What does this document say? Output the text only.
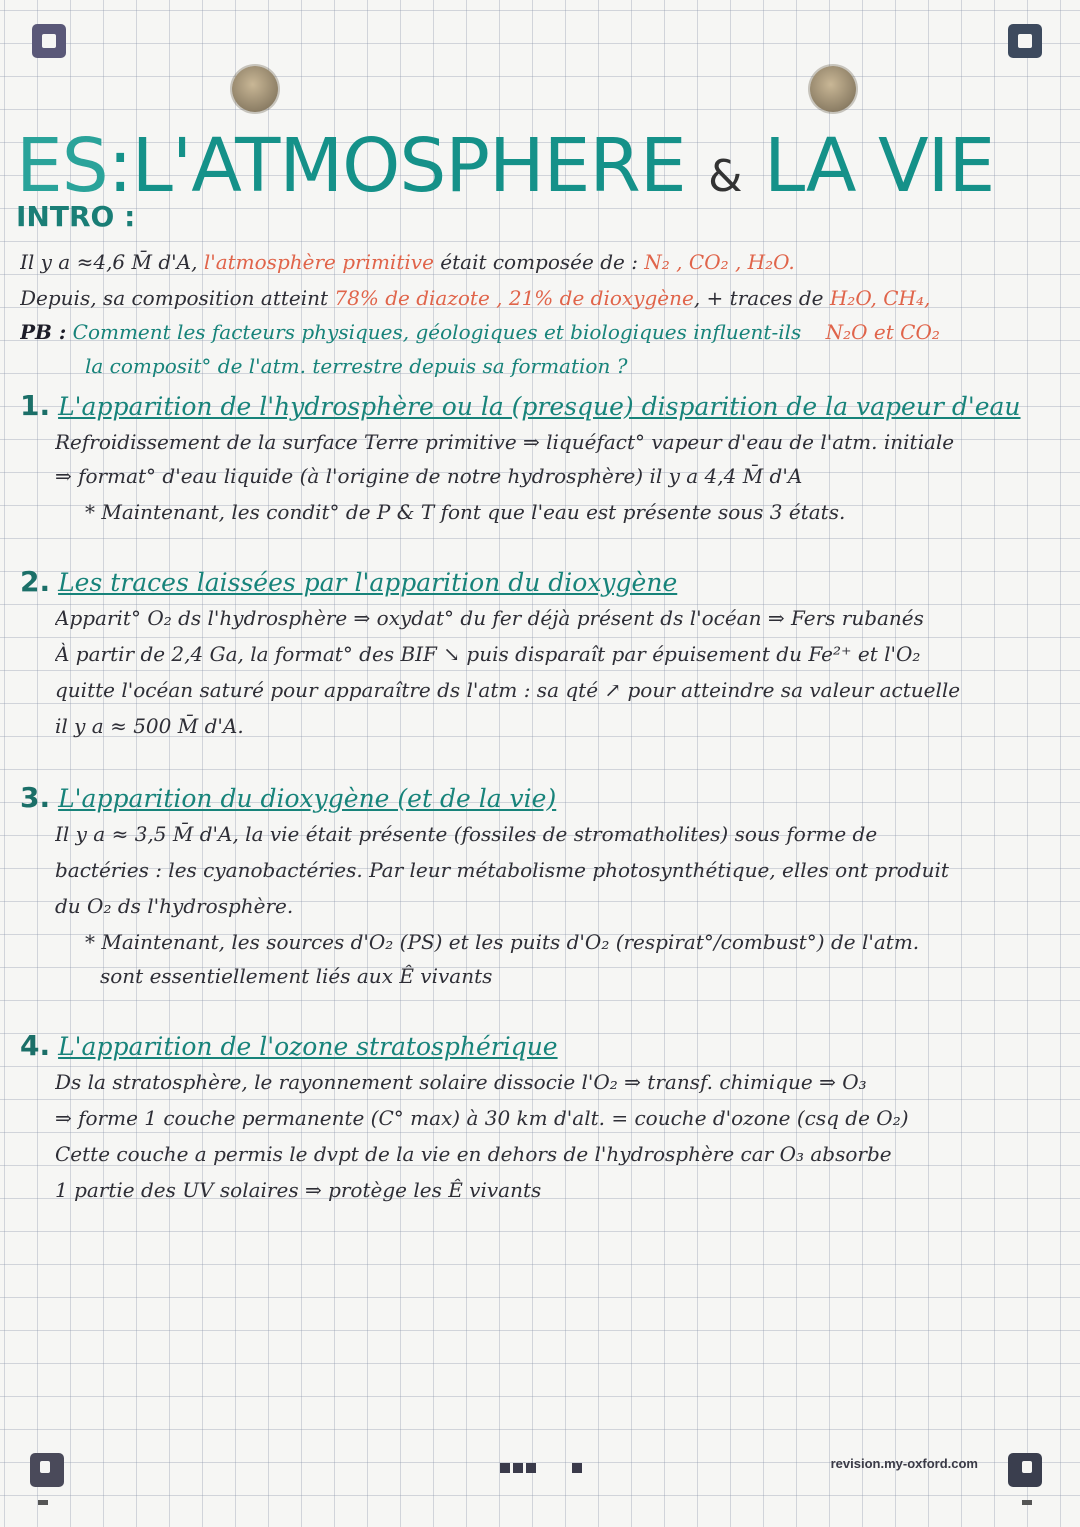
ES:L'ATMOSPHERE & LA VIE
INTRO :
Il y a ≈4,6 M̄ d'A, l'atmosphère primitive était composée de : N₂ , CO₂ , H₂O.
Depuis, sa composition atteint 78% de diazote , 21% de dioxygène, + traces de H₂O, CH₄,
PB : Comment les facteurs physiques, géologiques et biologiques influent-ils N₂O et CO₂
la composit° de l'atm. terrestre depuis sa formation ?
1. L'apparition de l'hydrosphère ou la (presque) disparition de la vapeur d'eau
Refroidissement de la surface Terre primitive ⇒ liquéfact° vapeur d'eau de l'atm. initiale
⇒ format° d'eau liquide (à l'origine de notre hydrosphère) il y a 4,4 M̄ d'A
* Maintenant, les condit° de P & T font que l'eau est présente sous 3 états.
2. Les traces laissées par l'apparition du dioxygène
Apparit° O₂ ds l'hydrosphère ⇒ oxydat° du fer déjà présent ds l'océan ⇒ Fers rubanés
À partir de 2,4 Ga, la format° des BIF ↘ puis disparaît par épuisement du Fe²⁺ et l'O₂
quitte l'océan saturé pour apparaître ds l'atm : sa qté ↗ pour atteindre sa valeur actuelle
il y a ≈ 500 M̄ d'A.
3. L'apparition du dioxygène (et de la vie)
Il y a ≈ 3,5 M̄ d'A, la vie était présente (fossiles de stromatholites) sous forme de
bactéries : les cyanobactéries. Par leur métabolisme photosynthétique, elles ont produit
du O₂ ds l'hydrosphère.
* Maintenant, les sources d'O₂ (PS) et les puits d'O₂ (respirat°/combust°) de l'atm.
sont essentiellement liés aux Ê vivants
4. L'apparition de l'ozone stratosphérique
Ds la stratosphère, le rayonnement solaire dissocie l'O₂ ⇒ transf. chimique ⇒ O₃
⇒ forme 1 couche permanente (C° max) à 30 km d'alt. = couche d'ozone (csq de O₂)
Cette couche a permis le dvpt de la vie en dehors de l'hydrosphère car O₃ absorbe
1 partie des UV solaires ⇒ protège les Ê vivants

revision.my-oxford.com
